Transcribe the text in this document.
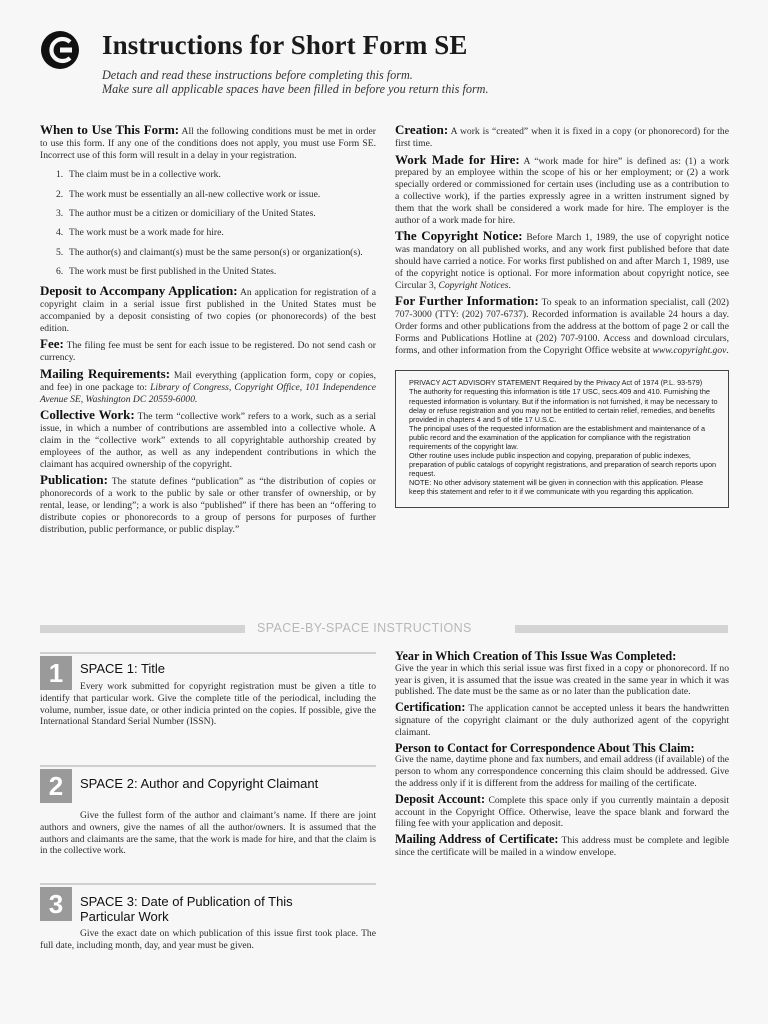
Instructions for Short Form SE
Detach and read these instructions before completing this form.
Make sure all applicable spaces have been filled in before you return this form.
When to Use This Form: All the following conditions must be met in order to use this form. If any one of the conditions does not apply, you must use Form SE. Incorrect use of this form will result in a delay in your registration.
1. The claim must be in a collective work.
2. The work must be essentially an all-new collective work or issue.
3. The author must be a citizen or domiciliary of the United States.
4. The work must be a work made for hire.
5. The author(s) and claimant(s) must be the same person(s) or organization(s).
6. The work must be first published in the United States.
Deposit to Accompany Application: An application for registration of a copyright claim in a serial issue first published in the United States must be accompanied by a deposit consisting of two copies (or phonorecords) of the best edition.
Fee: The filing fee must be sent for each issue to be registered. Do not send cash or currency.
Mailing Requirements: Mail everything (application form, copy or copies, and fee) in one package to: Library of Congress, Copyright Office, 101 Independence Avenue SE, Washington DC 20559-6000.
Collective Work: The term “collective work” refers to a work, such as a serial issue, in which a number of contributions are assembled into a collective whole. A claim in the “collective work” extends to all copyrightable authorship created by employees of the author, as well as any independent contributions in which the claimant has acquired ownership of the copyright.
Publication: The statute defines “publication” as “the distribution of copies or phonorecords of a work to the public by sale or other transfer of ownership, or by rental, lease, or lending”; a work is also “published” if there has been an “offering to distribute copies or phonorecords to a group of persons for purposes of further distribution, public performance, or public display.”
Creation: A work is “created” when it is fixed in a copy (or phonorecord) for the first time.
Work Made for Hire: A “work made for hire” is defined as: (1) a work prepared by an employee within the scope of his or her employment; or (2) a work specially ordered or commissioned for certain uses (including use as a contribution to a collective work), if the parties expressly agree in a written instrument signed by them that the work shall be considered a work made for hire. The employer is the author of a work made for hire.
The Copyright Notice: Before March 1, 1989, the use of copyright notice was mandatory on all published works, and any work first published before that date should have carried a notice. For works first published on and after March 1, 1989, use of the copyright notice is optional. For more information about copyright notice, see Circular 3, Copyright Notices.
For Further Information: To speak to an information specialist, call (202) 707-3000 (TTY: (202) 707-6737). Recorded information is available 24 hours a day. Order forms and other publications from the address at the bottom of page 2 or call the Forms and Publications Hotline at (202) 707-9100. Access and download circulars, forms, and other information from the Copyright Office website at www.copyright.gov.
PRIVACY ACT ADVISORY STATEMENT Required by the Privacy Act of 1974 (P.L. 93-579)
The authority for requesting this information is title 17 USC, secs.409 and 410. Furnishing the requested information is voluntary. But if the information is not furnished, it may be necessary to delay or refuse registration and you may not be entitled to certain relief, remedies, and benefits provided in chapters 4 and 5 of title 17 U.S.C.
The principal uses of the requested information are the establishment and maintenance of a public record and the examination of the application for compliance with the registration requirements of the copyright law.
Other routine uses include public inspection and copying, preparation of public indexes, preparation of public catalogs of copyright registrations, and preparation of search reports upon request.
NOTE: No other advisory statement will be given in connection with this application. Please keep this statement and refer to it if we communicate with you regarding this application.
SPACE-BY-SPACE INSTRUCTIONS
1	SPACE 1: Title
Every work submitted for copyright registration must be given a title to identify that particular work. Give the complete title of the periodical, including the volume, number, issue date, or other indicia printed on the copies. If possible, give the International Standard Serial Number (ISSN).
2	SPACE 2: Author and Copyright Claimant
Give the fullest form of the author and claimant’s name. If there are joint authors and owners, give the names of all the author/owners. It is assumed that the authors and claimants are the same, that the work is made for hire, and that the claim is in the collective work.
3	SPACE 3: Date of Publication of This Particular Work
Give the exact date on which publication of this issue first took place. The full date, including month, day, and year must be given.
Year in Which Creation of This Issue Was Completed:
Give the year in which this serial issue was first fixed in a copy or phonorecord. If no year is given, it is assumed that the issue was created in the same year in which it was published. The date must be the same as or no later than the publication date.
Certification: The application cannot be accepted unless it bears the handwritten signature of the copyright claimant or the duly authorized agent of the copyright claimant.
Person to Contact for Correspondence About This Claim:
Give the name, daytime phone and fax numbers, and email address (if available) of the person to whom any correspondence concerning this claim should be addressed. Give the address only if it is different from the address for mailing of the certificate.
Deposit Account: Complete this space only if you currently maintain a deposit account in the Copyright Office. Otherwise, leave the space blank and forward the filing fee with your application and deposit.
Mailing Address of Certificate: This address must be complete and legible since the certificate will be mailed in a window envelope.
